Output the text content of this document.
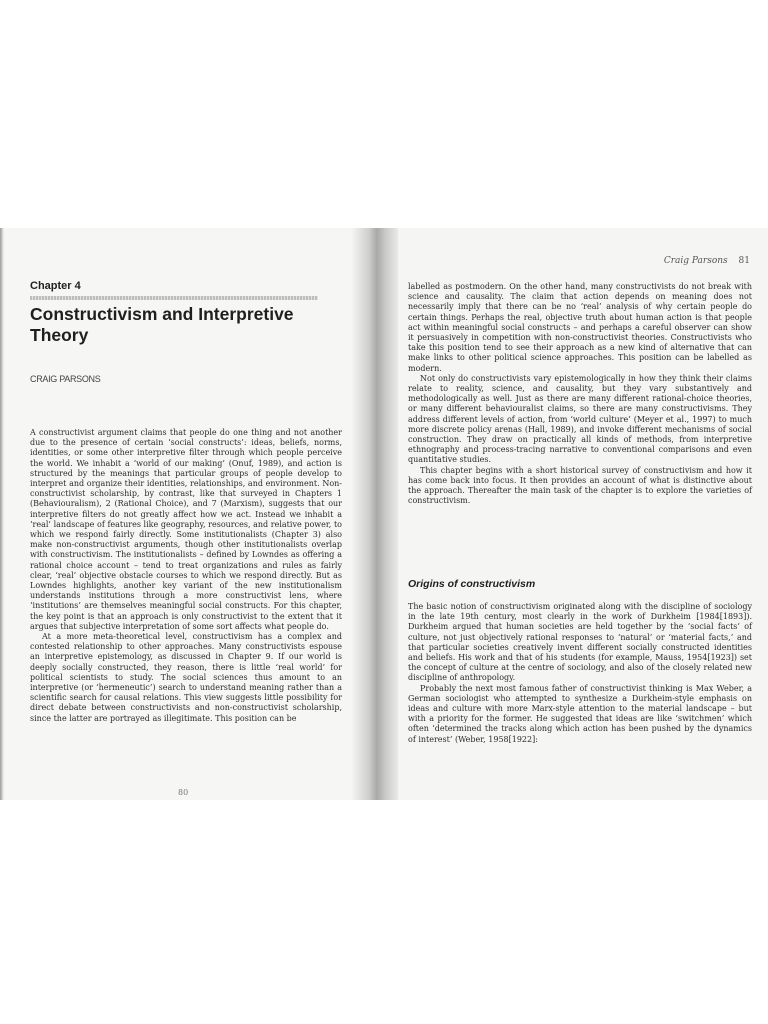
Chapter 4
Constructivism and Interpretive Theory
CRAIG PARSONS

A constructivist argument claims that people do one thing and not another due to the presence of certain ‘social constructs’: ideas, beliefs, norms, identities, or some other interpretive filter through which people perceive the world. We inhabit a ‘world of our making’ (Onuf, 1989), and action is structured by the meanings that particular groups of people develop to interpret and organize their identities, relationships, and environment. Non-constructivist scholarship, by contrast, like that surveyed in Chapters 1 (Behaviouralism), 2 (Rational Choice), and 7 (Marxism), suggests that our interpretive filters do not greatly affect how we act. Instead we inhabit a ‘real’ landscape of features like geography, resources, and relative power, to which we respond fairly directly. Some institutionalists (Chapter 3) also make non-constructivist arguments, though other institutionalists overlap with constructivism. The institutionalists – defined by Lowndes as offering a rational choice account – tend to treat organizations and rules as fairly clear, ‘real’ objective obstacle courses to which we respond directly. But as Lowndes highlights, another key variant of the new institutionalism understands institutions through a more constructivist lens, where ‘institutions’ are themselves meaningful social constructs. For this chapter, the key point is that an approach is only constructivist to the extent that it argues that subjective interpretation of some sort affects what people do.

At a more meta-theoretical level, constructivism has a complex and contested relationship to other approaches. Many constructivists espouse an interpretive epistemology, as discussed in Chapter 9. If our world is deeply socially constructed, they reason, there is little ‘real world’ for political scientists to study. The social sciences thus amount to an interpretive (or ‘hermeneutic’) search to understand meaning rather than a scientific search for causal relations. This view suggests little possibility for direct debate between constructivists and non-constructivist scholarship, since the latter are portrayed as illegitimate. This position can be

80
Craig Parsons 81

labelled as postmodern. On the other hand, many constructivists do not break with science and causality. The claim that action depends on meaning does not necessarily imply that there can be no ‘real’ analysis of why certain people do certain things. Perhaps the real, objective truth about human action is that people act within meaningful social constructs – and perhaps a careful observer can show it persuasively in competition with non-constructivist theories. Constructivists who take this position tend to see their approach as a new kind of alternative that can make links to other political science approaches. This position can be labelled as modern.

Not only do constructivists vary epistemologically in how they think their claims relate to reality, science, and causality, but they vary substantively and methodologically as well. Just as there are many different rational-choice theories, or many different behaviouralist claims, so there are many constructivisms. They address different levels of action, from ‘world culture’ (Meyer et al., 1997) to much more discrete policy arenas (Hall, 1989), and invoke different mechanisms of social construction. They draw on practically all kinds of methods, from interpretive ethnography and process-tracing narrative to conventional comparisons and even quantitative studies.

This chapter begins with a short historical survey of constructivism and how it has come back into focus. It then provides an account of what is distinctive about the approach. Thereafter the main task of the chapter is to explore the varieties of constructivism.

Origins of constructivism

The basic notion of constructivism originated along with the discipline of sociology in the late 19th century, most clearly in the work of Durkheim [1984[1893]). Durkheim argued that human societies are held together by the ‘social facts’ of culture, not just objectively rational responses to ‘natural’ or ‘material facts,’ and that particular societies creatively invent different socially constructed identities and beliefs. His work and that of his students (for example, Mauss, 1954[1923]) set the concept of culture at the centre of sociology, and also of the closely related new discipline of anthropology.

Probably the next most famous father of constructivist thinking is Max Weber, a German sociologist who attempted to synthesize a Durkheim-style emphasis on ideas and culture with more Marx-style attention to the material landscape – but with a priority for the former. He suggested that ideas are like ‘switchmen’ which often ‘determined the tracks along which action has been pushed by the dynamics of interest’ (Weber, 1958[1922]:
